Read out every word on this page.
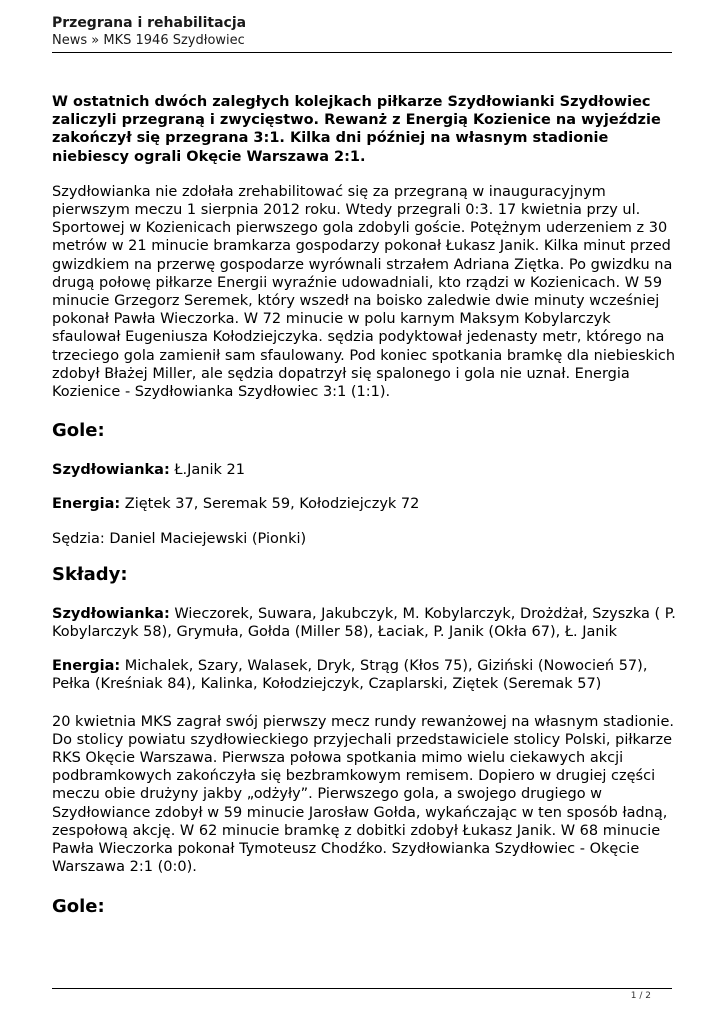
Przegrana i rehabilitacja
News » MKS 1946 Szydłowiec

W ostatnich dwóch zaległych kolejkach piłkarze Szydłowianki Szydłowiec zaliczyli przegraną i zwycięstwo. Rewanż z Energią Kozienice na wyjeździe zakończył się przegrana 3:1. Kilka dni później na własnym stadionie niebiescy ograli Okęcie Warszawa 2:1.

Szydłowianka nie zdołała zrehabilitować się za przegraną w inauguracyjnym pierwszym meczu 1 sierpnia 2012 roku. Wtedy przegrali 0:3. 17 kwietnia przy ul. Sportowej w Kozienicach pierwszego gola zdobyli goście. Potężnym uderzeniem z 30 metrów w 21 minucie bramkarza gospodarzy pokonał Łukasz Janik. Kilka minut przed gwizdkiem na przerwę gospodarze wyrównali strzałem Adriana Ziętka. Po gwizdku na drugą połowę piłkarze Energii wyraźnie udowadniali, kto rządzi w Kozienicach. W 59 minucie Grzegorz Seremek, który wszedł na boisko zaledwie dwie minuty wcześniej pokonał Pawła Wieczorka. W 72 minucie w polu karnym Maksym Kobylarczyk sfaulował Eugeniusza Kołodziejczyka. sędzia podyktował jedenasty metr, którego na trzeciego gola zamienił sam sfaulowany. Pod koniec spotkania bramkę dla niebieskich zdobył Błażej Miller, ale sędzia dopatrzył się spalonego i gola nie uznał. Energia Kozienice - Szydłowianka Szydłowiec 3:1 (1:1).

Gole:

Szydłowianka: Ł.Janik 21

Energia: Ziętek 37, Seremak 59, Kołodziejczyk 72

Sędzia: Daniel Maciejewski (Pionki)

Składy:

Szydłowianka: Wieczorek, Suwara, Jakubczyk, M. Kobylarczyk, Drożdżał, Szyszka ( P. Kobylarczyk 58), Grymuła, Gołda (Miller 58), Łaciak, P. Janik (Okła 67), Ł. Janik

Energia: Michalek, Szary, Walasek, Dryk, Strąg (Kłos 75), Giziński (Nowocień 57), Pełka (Kreśniak 84), Kalinka, Kołodziejczyk, Czaplarski, Ziętek (Seremak 57)

20 kwietnia MKS zagrał swój pierwszy mecz rundy rewanżowej na własnym stadionie. Do stolicy powiatu szydłowieckiego przyjechali przedstawiciele stolicy Polski, piłkarze RKS Okęcie Warszawa. Pierwsza połowa spotkania mimo wielu ciekawych akcji podbramkowych zakończyła się bezbramkowym remisem. Dopiero w drugiej części meczu obie drużyny jakby „odżyły”. Pierwszego gola, a swojego drugiego w Szydłowiance zdobył w 59 minucie Jarosław Gołda, wykańczając w ten sposób ładną, zespołową akcję. W 62 minucie bramkę z dobitki zdobył Łukasz Janik. W 68 minucie Pawła Wieczorka pokonał Tymoteusz Chodźko. Szydłowianka Szydłowiec - Okęcie Warszawa 2:1 (0:0).

Gole:
1 / 2
